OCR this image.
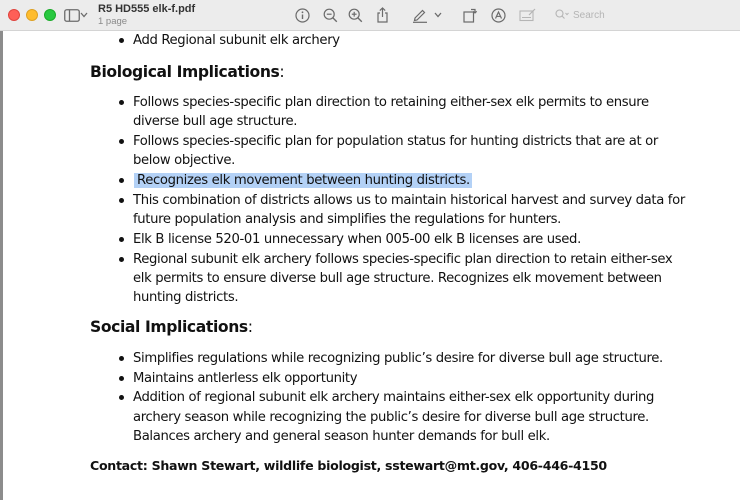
R5 HD555 elk-f.pdf
1 page
Search
Add Regional subunit elk archery
Biological Implications:
Follows species-specific plan direction to retaining either-sex elk permits to ensure
diverse bull age structure.
Follows species-specific plan for population status for hunting districts that are at or
below objective.
Recognizes elk movement between hunting districts.
This combination of districts allows us to maintain historical harvest and survey data for
future population analysis and simplifies the regulations for hunters.
Elk B license 520-01 unnecessary when 005-00 elk B licenses are used.
Regional subunit elk archery follows species-specific plan direction to retain either-sex
elk permits to ensure diverse bull age structure. Recognizes elk movement between
hunting districts.
Social Implications:
Simplifies regulations while recognizing public’s desire for diverse bull age structure.
Maintains antlerless elk opportunity
Addition of regional subunit elk archery maintains either-sex elk opportunity during
archery season while recognizing the public’s desire for diverse bull age structure.
Balances archery and general season hunter demands for bull elk.
Contact: Shawn Stewart, wildlife biologist, sstewart@mt.gov, 406-446-4150
